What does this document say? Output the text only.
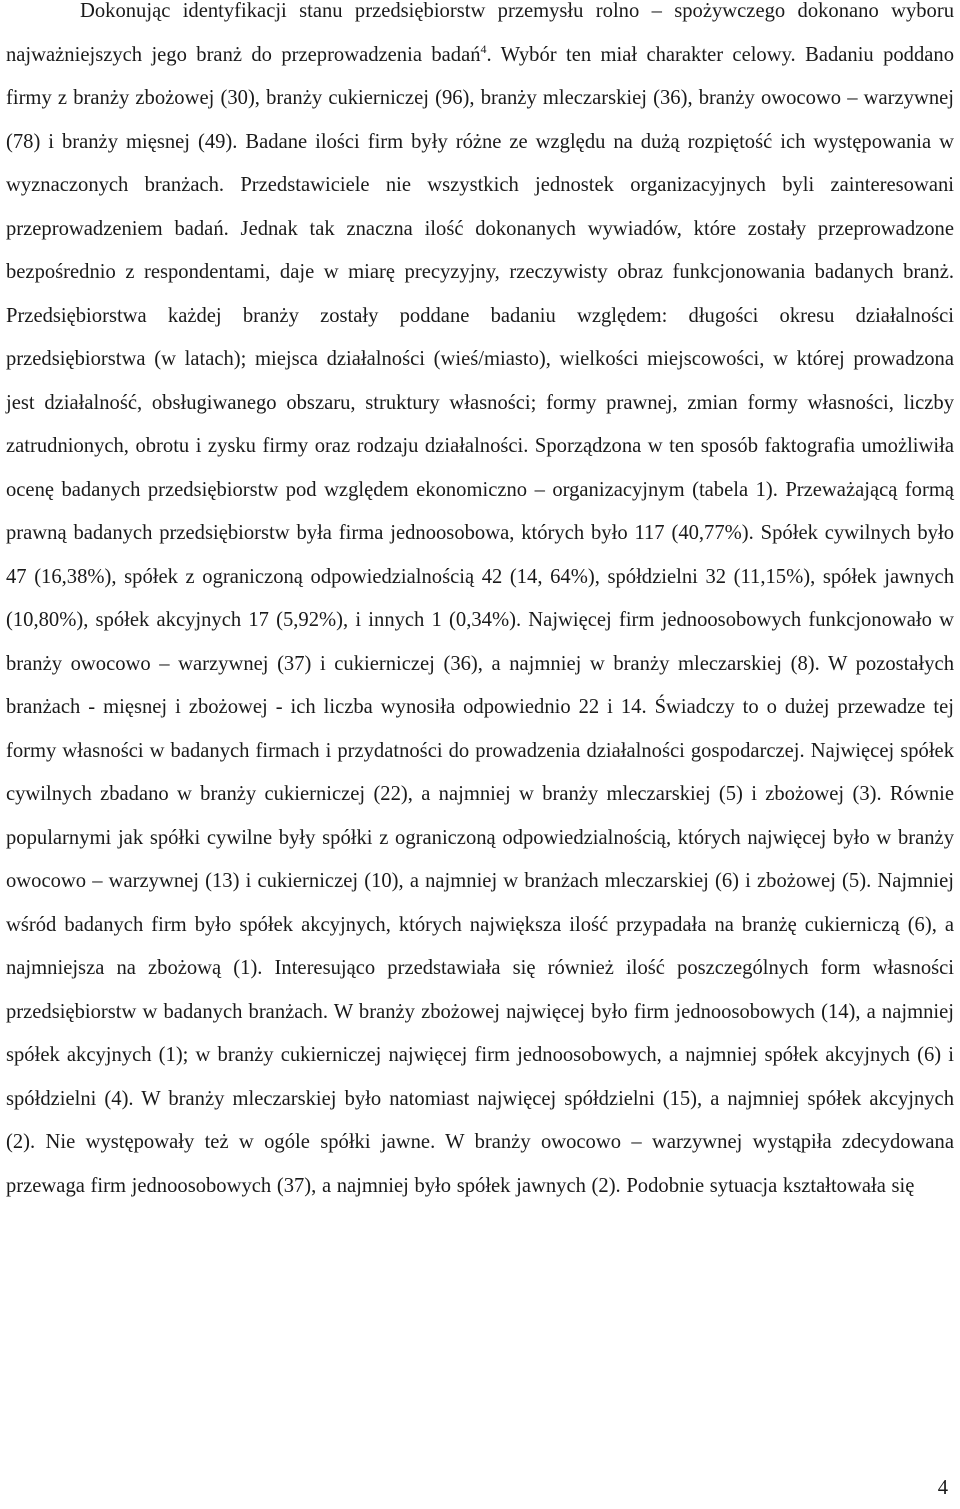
Dokonując identyfikacji stanu przedsiębiorstw przemysłu rolno – spożywczego dokonano wyboru najważniejszych jego branż do przeprowadzenia badań$^4$. Wybór ten miał charakter celowy. Badaniu poddano firmy z branży zbożowej (30), branży cukierniczej (96), branży mleczarskiej (36), branży owocowo – warzywnej (78) i branży mięsnej (49). Badane ilości firm były różne ze względu na dużą rozpiętość ich występowania w wyznaczonych branżach. Przedstawiciele nie wszystkich jednostek organizacyjnych byli zainteresowani przeprowadzeniem badań. Jednak tak znaczna ilość dokonanych wywiadów, które zostały przeprowadzone bezpośrednio z respondentami, daje w miarę precyzyjny, rzeczywisty obraz funkcjonowania badanych branż. Przedsiębiorstwa każdej branży zostały poddane badaniu względem: długości okresu działalności przedsiębiorstwa (w latach); miejsca działalności (wieś/miasto), wielkości miejscowości, w której prowadzona jest działalność, obsługiwanego obszaru, struktury własności; formy prawnej, zmian formy własności, liczby zatrudnionych, obrotu i zysku firmy oraz rodzaju działalności. Sporządzona w ten sposób faktografia umożliwiła ocenę badanych przedsiębiorstw pod względem ekonomiczno – organizacyjnym (tabela 1). Przeważającą formą prawną badanych przedsiębiorstw była firma jednoosobowa, których było 117 (40,77%). Spółek cywilnych było 47 (16,38%), spółek z ograniczoną odpowiedzialnością 42 (14, 64%), spółdzielni 32 (11,15%), spółek jawnych (10,80%), spółek akcyjnych 17 (5,92%), i innych 1 (0,34%). Najwięcej firm jednoosobowych funkcjonowało w branży owocowo – warzywnej (37) i cukierniczej (36), a najmniej w branży mleczarskiej (8). W pozostałych branżach - mięsnej i zbożowej - ich liczba wynosiła odpowiednio 22 i 14. Świadczy to o dużej przewadze tej formy własności w badanych firmach i przydatności do prowadzenia działalności gospodarczej. Najwięcej spółek cywilnych zbadano w branży cukierniczej (22), a najmniej w branży mleczarskiej (5) i zbożowej (3). Równie popularnymi jak spółki cywilne były spółki z ograniczoną odpowiedzialnością, których najwięcej było w branży owocowo – warzywnej (13) i cukierniczej (10), a najmniej w branżach mleczarskiej (6) i zbożowej (5). Najmniej wśród badanych firm było spółek akcyjnych, których największa ilość przypadała na branżę cukierniczą (6), a najmniejsza na zbożową (1). Interesująco przedstawiała się również ilość poszczególnych form własności przedsiębiorstw w badanych branżach. W branży zbożowej najwięcej było firm jednoosobowych (14), a najmniej spółek akcyjnych (1); w branży cukierniczej najwięcej firm jednoosobowych, a najmniej spółek akcyjnych (6) i spółdzielni (4). W branży mleczarskiej było natomiast najwięcej spółdzielni (15), a najmniej spółek akcyjnych (2). Nie występowały też w ogóle spółki jawne. W branży owocowo – warzywnej wystąpiła zdecydowana przewaga firm jednoosobowych (37), a najmniej było spółek jawnych (2). Podobnie sytuacja kształtowała się

4
